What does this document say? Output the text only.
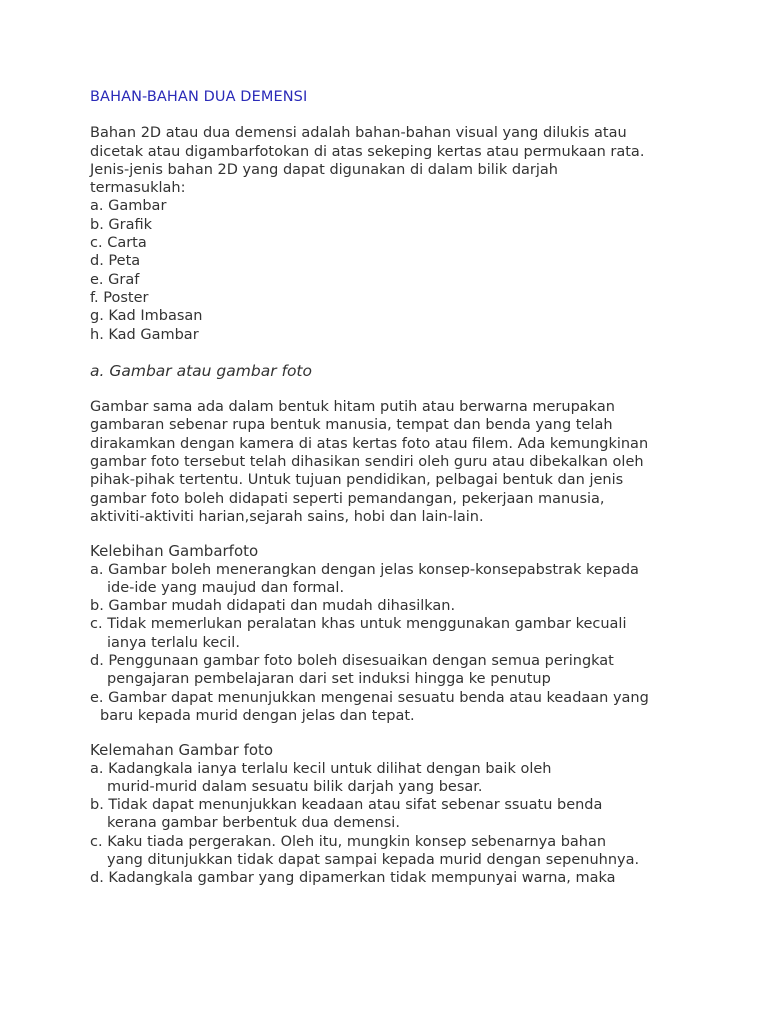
BAHAN-BAHAN DUA DEMENSI
Bahan 2D atau dua demensi adalah bahan-bahan visual yang dilukis atau
dicetak atau digambarfotokan di atas sekeping kertas atau permukaan rata.
Jenis-jenis bahan 2D yang dapat digunakan di dalam bilik darjah
termasuklah:
a. Gambar
b. Grafik
c. Carta
d. Peta
e. Graf
f. Poster
g. Kad Imbasan
h. Kad Gambar
a. Gambar atau gambar foto
Gambar sama ada dalam bentuk hitam putih atau berwarna merupakan
gambaran sebenar rupa bentuk manusia, tempat dan benda yang telah
dirakamkan dengan kamera di atas kertas foto atau filem. Ada kemungkinan
gambar foto tersebut telah dihasikan sendiri oleh guru atau dibekalkan oleh
pihak-pihak tertentu. Untuk tujuan pendidikan, pelbagai bentuk dan jenis
gambar foto boleh didapati seperti pemandangan, pekerjaan manusia,
aktiviti-aktiviti harian,sejarah sains, hobi dan lain-lain.
Kelebihan Gambarfoto
a. Gambar boleh menerangkan dengan jelas konsep-konsepabstrak kepada
ide-ide yang maujud dan formal.
b. Gambar mudah didapati dan mudah dihasilkan.
c. Tidak memerlukan peralatan khas untuk menggunakan gambar kecuali
ianya terlalu kecil.
d. Penggunaan gambar foto boleh disesuaikan dengan semua peringkat
pengajaran pembelajaran dari set induksi hingga ke penutup
e. Gambar dapat menunjukkan mengenai sesuatu benda atau keadaan yang
baru kepada murid dengan jelas dan tepat.
Kelemahan Gambar foto
a. Kadangkala ianya terlalu kecil untuk dilihat dengan baik oleh
murid-murid dalam sesuatu bilik darjah yang besar.
b. Tidak dapat menunjukkan keadaan atau sifat sebenar ssuatu benda
kerana gambar berbentuk dua demensi.
c. Kaku tiada pergerakan. Oleh itu, mungkin konsep sebenarnya bahan
yang ditunjukkan tidak dapat sampai kepada murid dengan sepenuhnya.
d. Kadangkala gambar yang dipamerkan tidak mempunyai warna, maka
